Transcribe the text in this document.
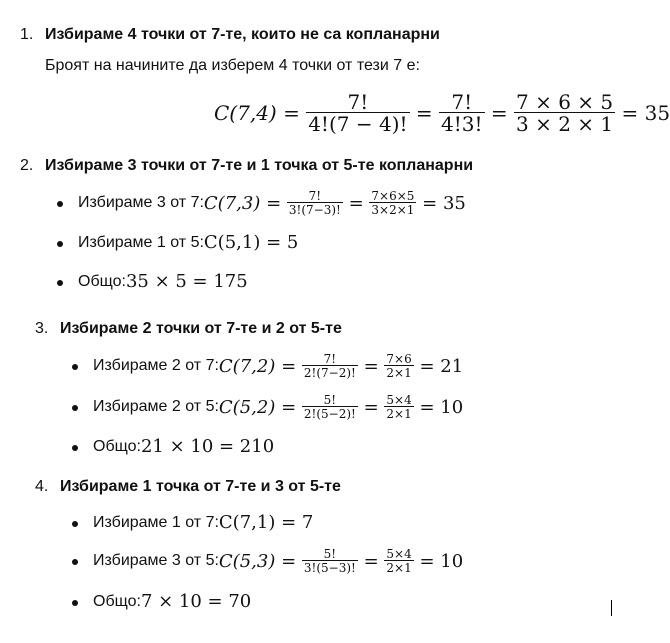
1. Избираме 4 точки от 7-те, които не са копланарни
Броят на начините да изберем 4 точки от тези 7 е:
$C(7,4) = \frac{7!}{4!(7 - 4)!} = \frac{7!}{4!3!} = \frac{7 \times 6 \times 5}{3 \times 2 \times 1} = 35$
2. Избираме 3 точки от 7-те и 1 точка от 5-те копланарни
Избираме 3 от 7: $C(7,3) = \frac{7!}{3!(7-3)!} = \frac{7\times 6\times 5}{3\times 2\times 1} = 35$
Избираме 1 от 5: C(5,1) = 5
Общо: 35 × 5 = 175
3. Избираме 2 точки от 7-те и 2 от 5-те
Избираме 2 от 7: $C(7,2) = \frac{7!}{2!(7-2)!} = \frac{7\times 6}{2\times 1} = 21$
Избираме 2 от 5: $C(5,2) = \frac{5!}{2!(5-2)!} = \frac{5\times 4}{2\times 1} = 10$
Общо: 21 × 10 = 210
4. Избираме 1 точка от 7-те и 3 от 5-те
Избираме 1 от 7: C(7,1) = 7
Избираме 3 от 5: $C(5,3) = \frac{5!}{3!(5-3)!} = \frac{5\times 4}{2\times 1} = 10$
Общо: 7 × 10 = 70
